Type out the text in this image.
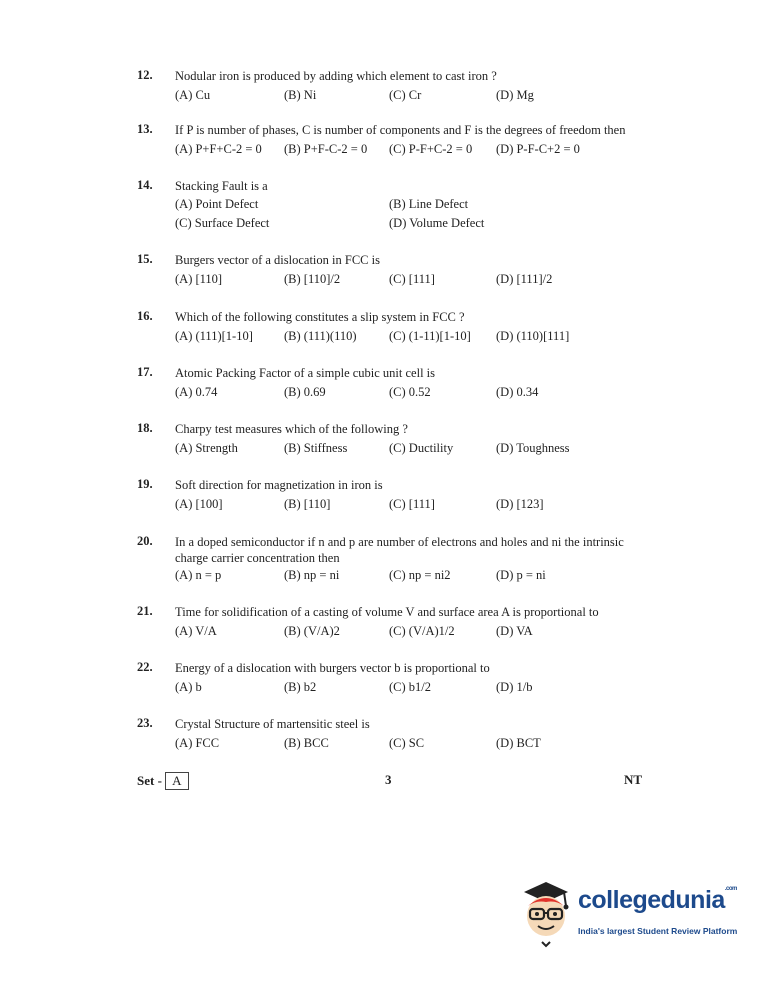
12. Nodular iron is produced by adding which element to cast iron ?
(A) Cu	(B) Ni	(C) Cr	(D) Mg
13. If P is number of phases, C is number of components and F is the degrees of freedom then
(A) P+F+C-2 = 0 (B) P+F-C-2 = 0 (C) P-F+C-2 = 0 (D) P-F-C+2 = 0
14. Stacking Fault is a
(A) Point Defect	(B) Line Defect
(C) Surface Defect	(D) Volume Defect
15. Burgers vector of a dislocation in FCC is
(A) [110]	(B) [110]/2	(C) [111]	(D) [111]/2
16. Which of the following constitutes a slip system in FCC ?
(A) (111)[1-10] (B) (111)(110)	(C) (1-11)[1-10] (D) (110)[111]
17. Atomic Packing Factor of a simple cubic unit cell is
(A) 0.74	(B) 0.69	(C) 0.52	(D) 0.34
18. Charpy test measures which of the following ?
(A) Strength	(B) Stiffness	(C) Ductility	(D) Toughness
19. Soft direction for magnetization in iron is
(A) [100]	(B) [110]	(C) [111]	(D) [123]
20. In a doped semiconductor if n and p are number of electrons and holes and ni the intrinsic charge carrier concentration then
(A) n = p	(B) np = ni	(C) np = ni2	(D) p = ni
21. Time for solidification of a casting of volume V and surface area A is proportional to
(A) V/A	(B) (V/A)2	(C) (V/A)1/2	(D) VA
22. Energy of a dislocation with burgers vector b is proportional to
(A) b	(B) b2	(C) b1/2	(D) 1/b
23. Crystal Structure of martensitic steel is
(A) FCC	(B) BCC	(C) SC	(D) BCT
Set - A	3	NT
collegedunia$^{.com}$
India's largest Student Review Platform
